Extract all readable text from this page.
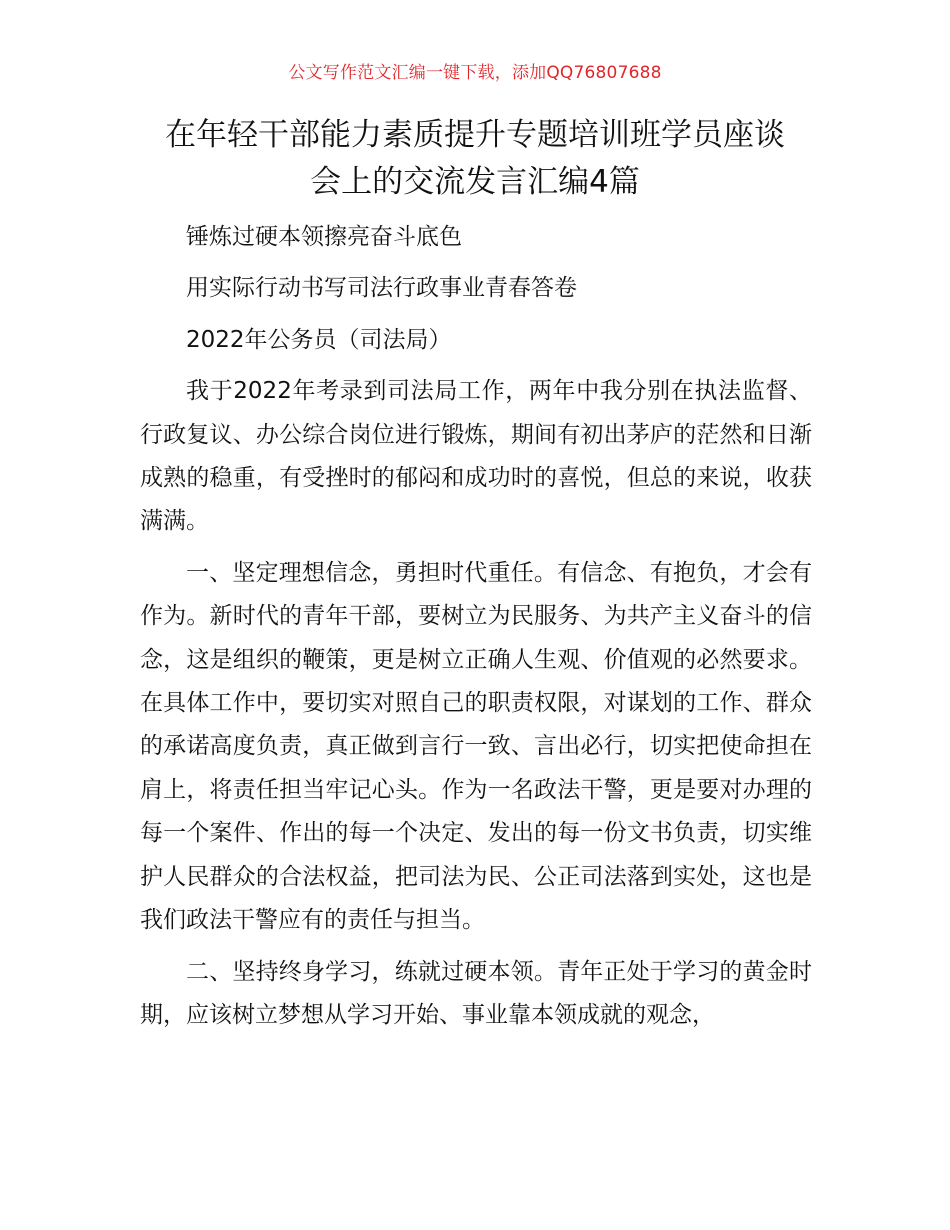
公文写作范文汇编一键下载，添加QQ76807688
在年轻干部能力素质提升专题培训班学员座谈
会上的交流发言汇编4篇

锤炼过硬本领擦亮奋斗底色

用实际行动书写司法行政事业青春答卷

2022年公务员（司法局）

我于2022年考录到司法局工作，两年中我分别在执法监督、行政复议、办公综合岗位进行锻炼，期间有初出茅庐的茫然和日渐成熟的稳重，有受挫时的郁闷和成功时的喜悦，但总的来说，收获满满。

一、坚定理想信念，勇担时代重任。有信念、有抱负，才会有作为。新时代的青年干部，要树立为民服务、为共产主义奋斗的信念，这是组织的鞭策，更是树立正确人生观、价值观的必然要求。在具体工作中，要切实对照自己的职责权限，对谋划的工作、群众的承诺高度负责，真正做到言行一致、言出必行，切实把使命担在肩上，将责任担当牢记心头。作为一名政法干警，更是要对办理的每一个案件、作出的每一个决定、发出的每一份文书负责，切实维护人民群众的合法权益，把司法为民、公正司法落到实处，这也是我们政法干警应有的责任与担当。

二、坚持终身学习，练就过硬本领。青年正处于学习的黄金时期，应该树立梦想从学习开始、事业靠本领成就的观念，
